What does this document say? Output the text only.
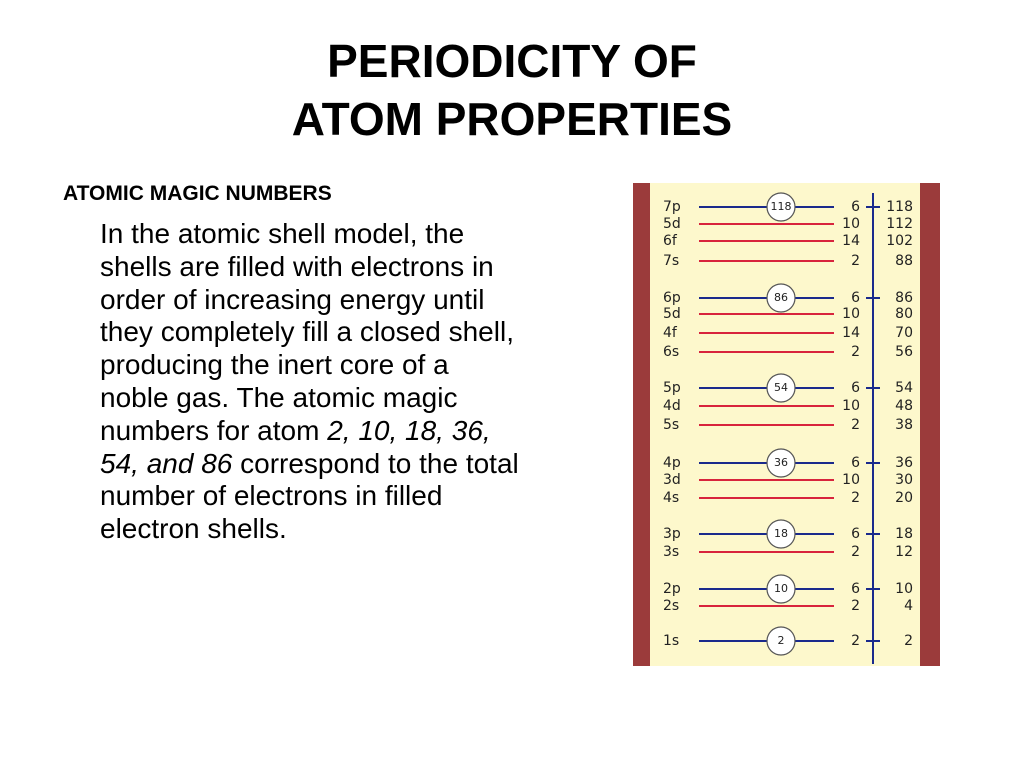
PERIODICITY OF
ATOM PROPERTIES
ATOMIC MAGIC NUMBERS
In the atomic shell model, the shells are filled with electrons in order of increasing energy until they completely fill a closed shell, producing the inert core of a noble gas. The atomic magic numbers for atom 2, 10, 18, 36, 54, and 86 correspond to the total number of electrons in filled electron shells.
7p	118	6 118
5d	10 112
6f	14 102
7s	2	88
6p	86	6	86
5d	10	80
4f	14	70
6s	2	56
5p	54	6	54
4d	10	48
5s	2	38
4p	36	6	36
3d	10	30
4s	2	20
3p	18	6	18
3s	2	12
2p	10	6	10
2s	2	4
1s	2	2	2
